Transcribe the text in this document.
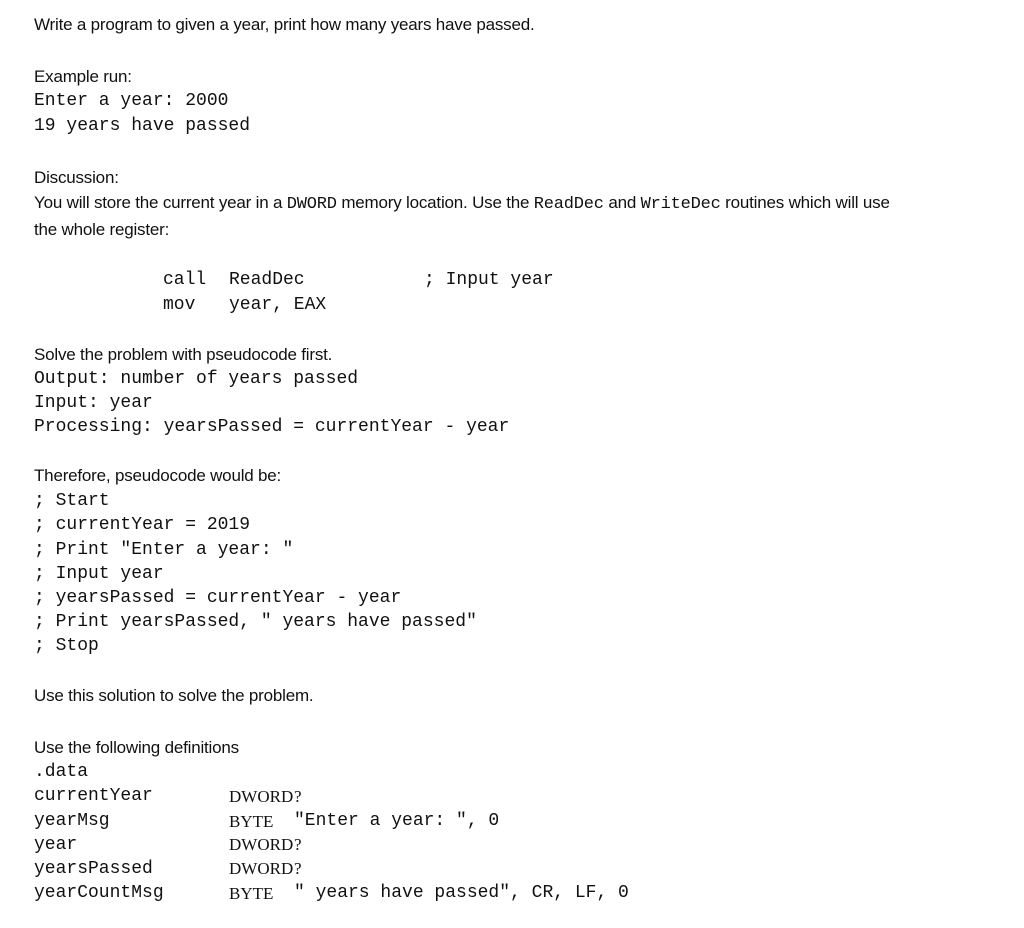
Write a program to given a year, print how many years have passed.
Example run:
Enter a year: 2000
19 years have passed
Discussion:
You will store the current year in a DWORD memory location. Use the ReadDec and WriteDec routines which will use
the whole register:
call ReadDec	; Input year
mov year, EAX
Solve the problem with pseudocode first.
Output: number of years passed
Input: year
Processing: yearsPassed = currentYear - year
Therefore, pseudocode would be:
; Start
; currentYear = 2019
; Print "Enter a year: "
; Input year
; yearsPassed = currentYear - year
; Print yearsPassed, " years have passed"
; Stop
Use this solution to solve the problem.
Use the following definitions
.data
currentYear	DWORD ?
yearMsg	BYTE "Enter a year: ", 0
year	DWORD ?
yearsPassed	DWORD ?
yearCountMsg	BYTE " years have passed", CR, LF, 0
